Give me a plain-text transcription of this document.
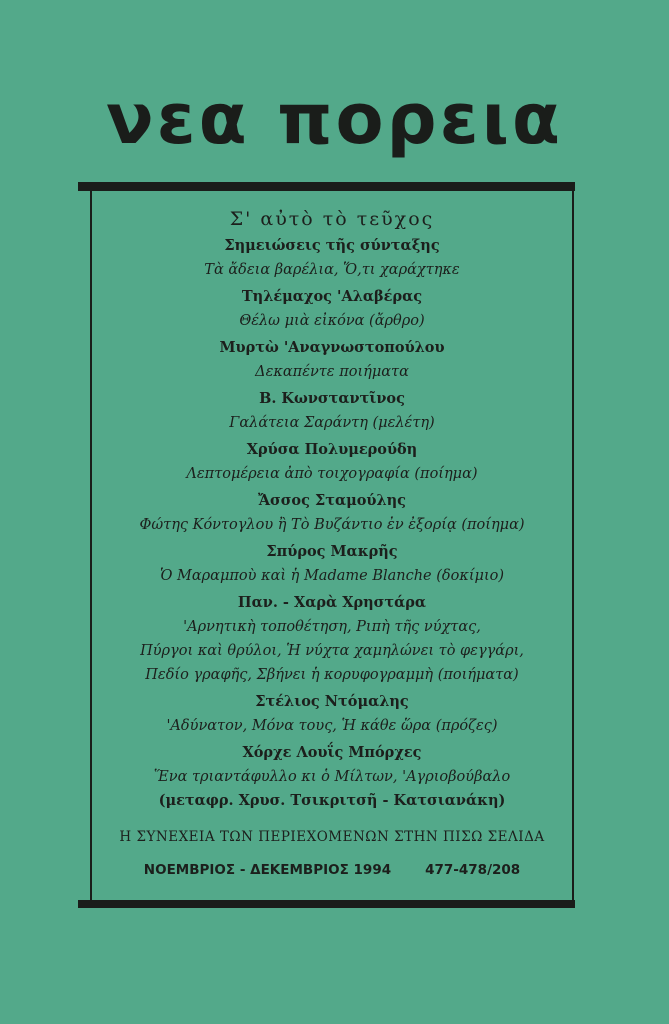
νεα πορεια
Σ' αὐτὸ τὸ τεῦχος
Σημειώσεις τῆς σύνταξης
Τὰ ἄδεια βαρέλια, Ὅ,τι χαράχτηκε
Τηλέμαχος 'Αλαβέρας
Θέλω μιὰ εἰκόνα (ἄρθρο)
Μυρτὼ 'Αναγνωστοπούλου
Δεκαπέντε ποιήματα
Β. Κωνσταντῖνος
Γαλάτεια Σαράντη (μελέτη)
Χρύσα Πολυμερούδη
Λεπτομέρεια ἀπὸ τοιχογραφία (ποίημα)
Ἄσσος Σταμούλης
Φώτης Κόντογλου ἢ Τὸ Βυζάντιο ἐν ἐξορίᾳ (ποίημα)
Σπύρος Μακρῆς
Ὁ Μαραμποὺ καὶ ἡ Madame Blanche (δοκίμιο)
Παν. - Χαρὰ Χρηστάρα
'Αρνητικὴ τοποθέτηση, Ριπὴ τῆς νύχτας,
Πύργοι καὶ θρύλοι, Ἡ νύχτα χαμηλώνει τὸ φεγγάρι,
Πεδίο γραφῆς, Σβήνει ἡ κορυφογραμμὴ (ποιήματα)
Στέλιος Ντόμαλης
'Αδύνατον, Μόνα τους, Ἡ κάθε ὥρα (πρόζες)
Χόρχε Λουΐς Μπόρχες
Ἕνα τριαντάφυλλο κι ὁ Μίλτων, 'Αγριοβούβαλο
(μεταφρ. Χρυσ. Τσικριτσῆ - Κατσιανάκη)
Η ΣΥΝΕΧΕΙΑ ΤΩΝ ΠΕΡΙΕΧΟΜΕΝΩΝ ΣΤΗΝ ΠΙΣΩ ΣΕΛΙΔΑ
ΝΟΕΜΒΡΙΟΣ - ΔΕΚΕΜΒΡΙΟΣ 1994	477-478/208
